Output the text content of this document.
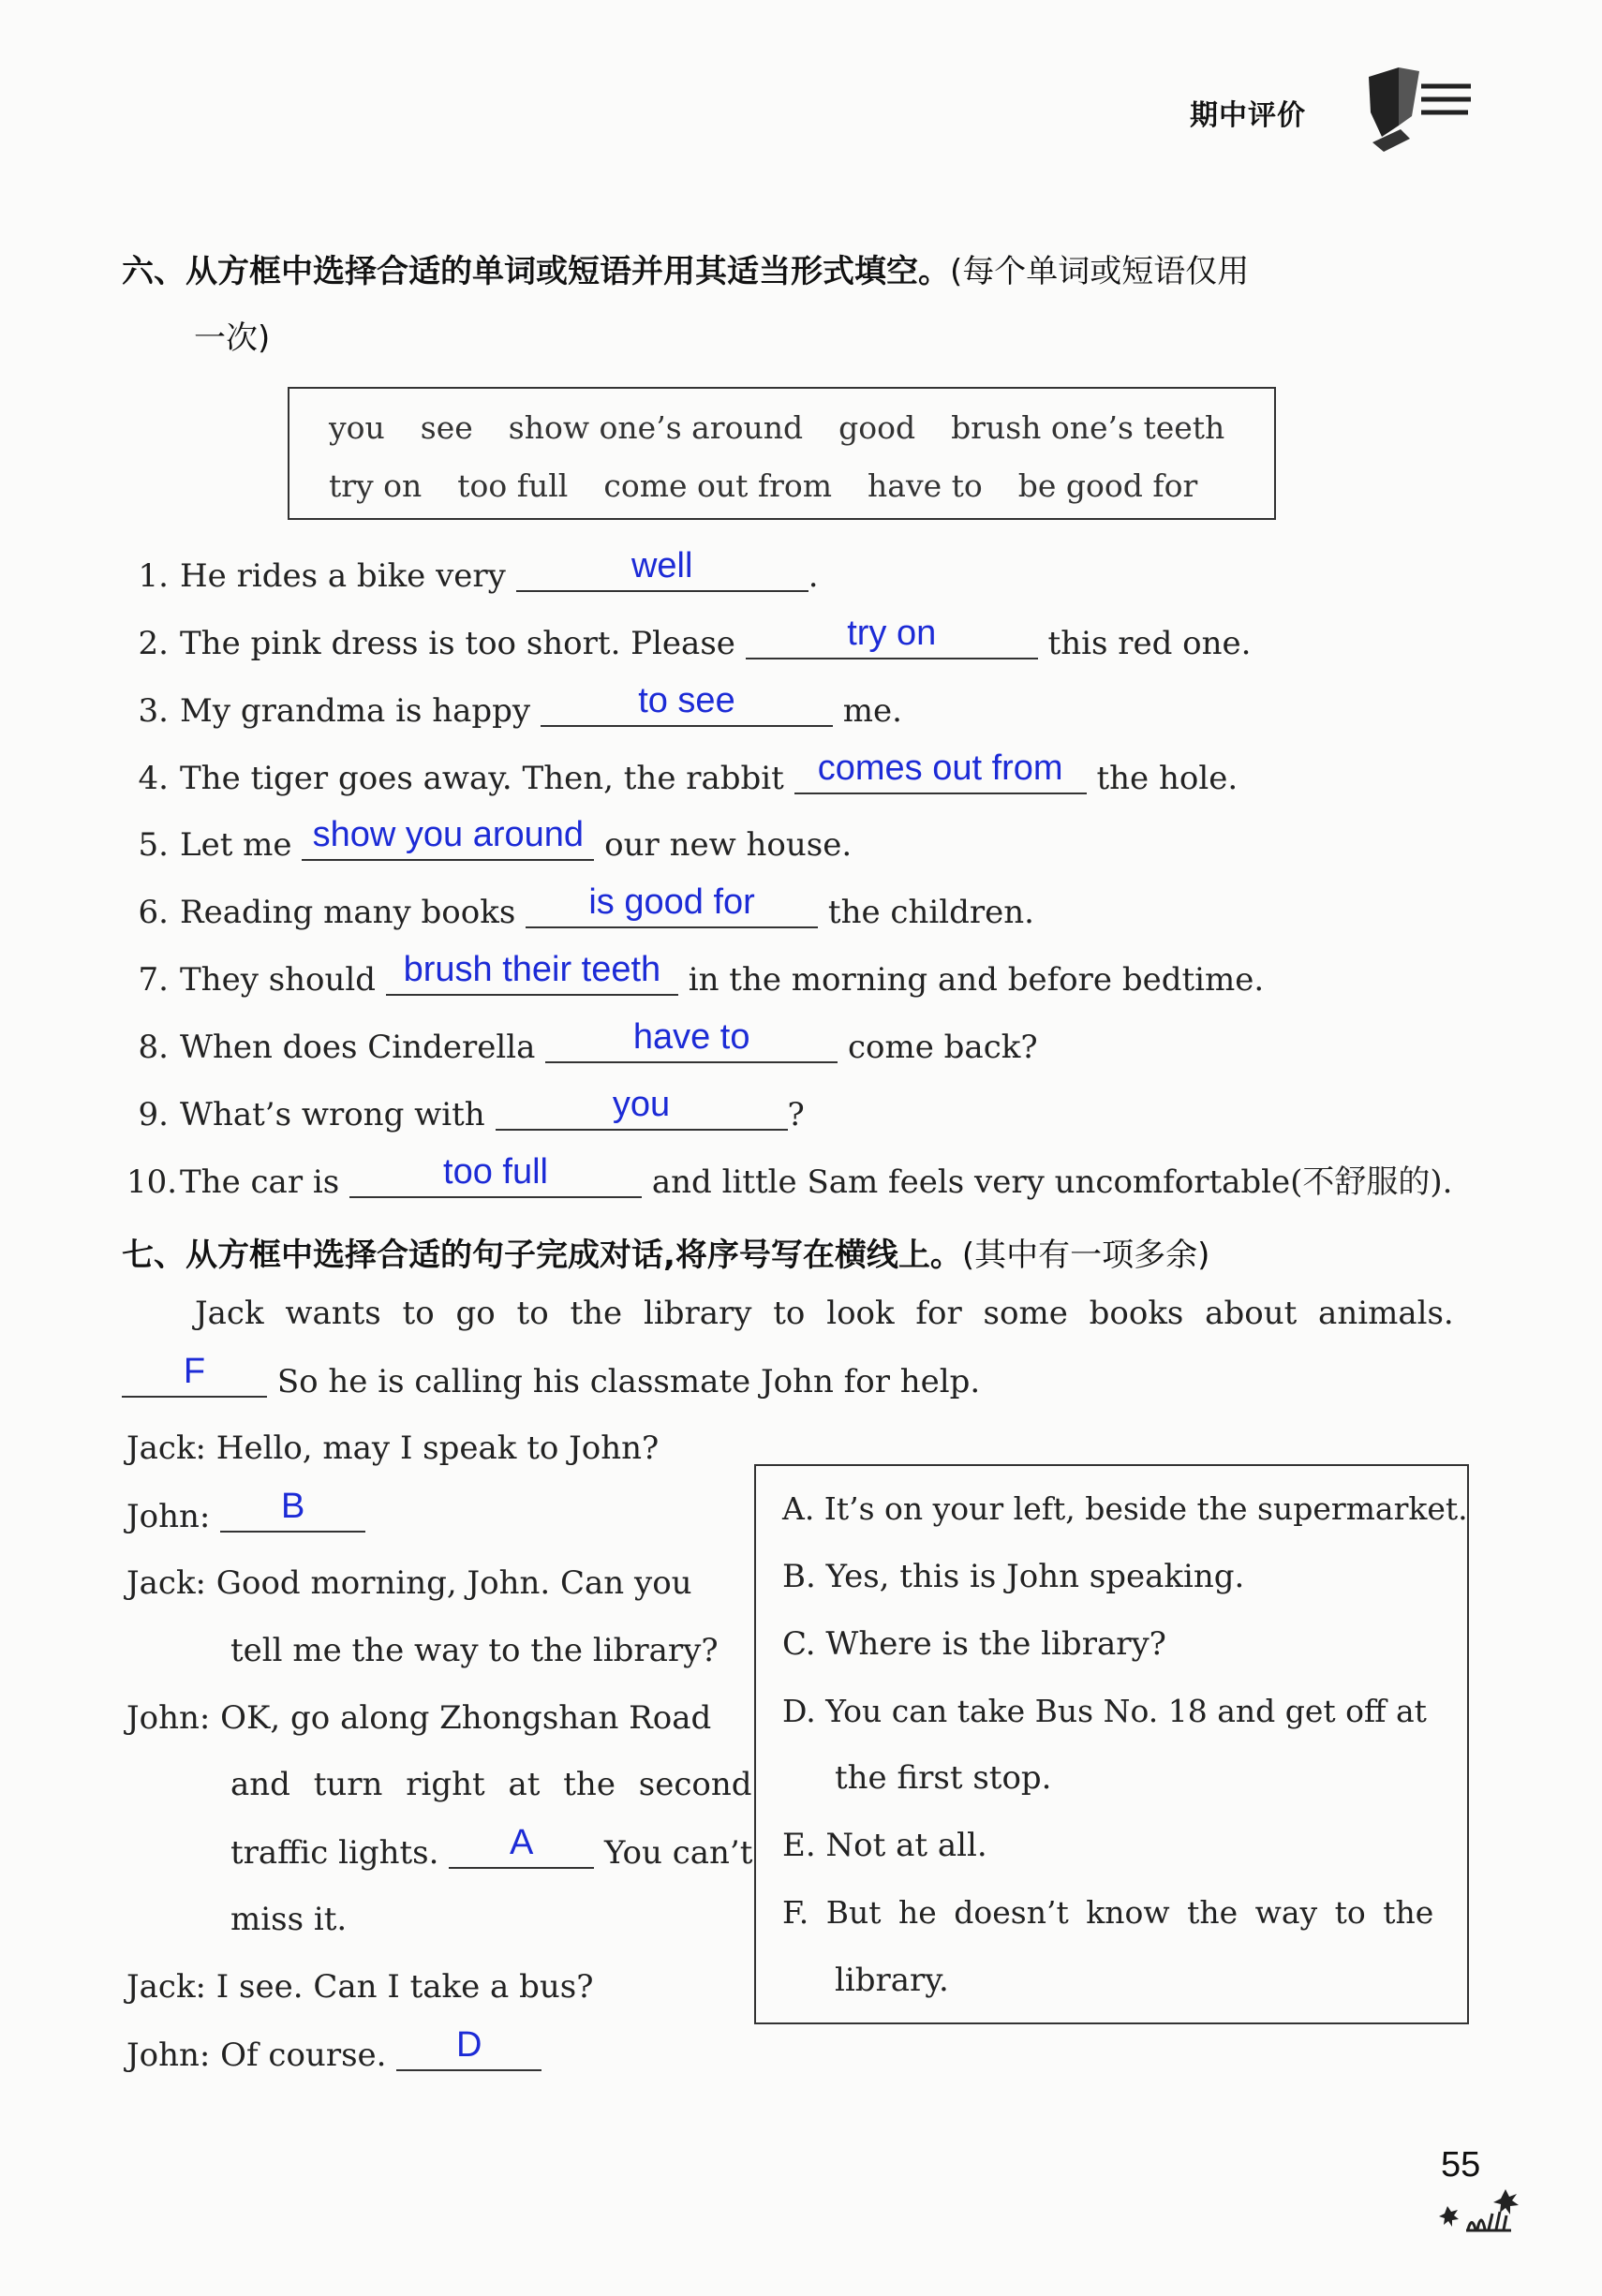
期中评价
六、从方框中选择合适的单词或短语并用其适当形式填空。(每个单词或短语仅用
一次)
you see show one’s around good brush one’s teeth
try on too full come out from have to be good for
1. He rides a bike very	well	.
2. The pink dress is too short. Please	try on	this red one.
3. My grandma is happy	to see	me.
4. The tiger goes away. Then, the rabbit comes out from the hole.
5. Let me show you around our new house.
6. Reading many books is good for the children.
7. They should brush their teeth in the morning and before bedtime.
8. When does Cinderella	have to	come back?
9. What’s wrong with	you	?
10.The car is	too full	and little Sam feels very uncomfortable(不舒服的).
七、从方框中选择合适的句子完成对话,将序号写在横线上。(其中有一项多余)
Jack wants to go to the library to look for some books about animals.
F So he is calling his classmate John for help.
Jack: Hello, may I speak to John?
John: B
Jack: Good morning, John. Can you
tell me the way to the library?
John: OK, go along Zhongshan Road
and turn right at the second
traffic lights. A You can’t
miss it.
Jack: I see. Can I take a bus?
John: Of course. D
A. It’s on your left, beside the supermarket.
B. Yes, this is John speaking.
C. Where is the library?
D. You can take Bus No. 18 and get off at
the first stop.
E. Not at all.
F. But he doesn’t know the way to the
library.
55
